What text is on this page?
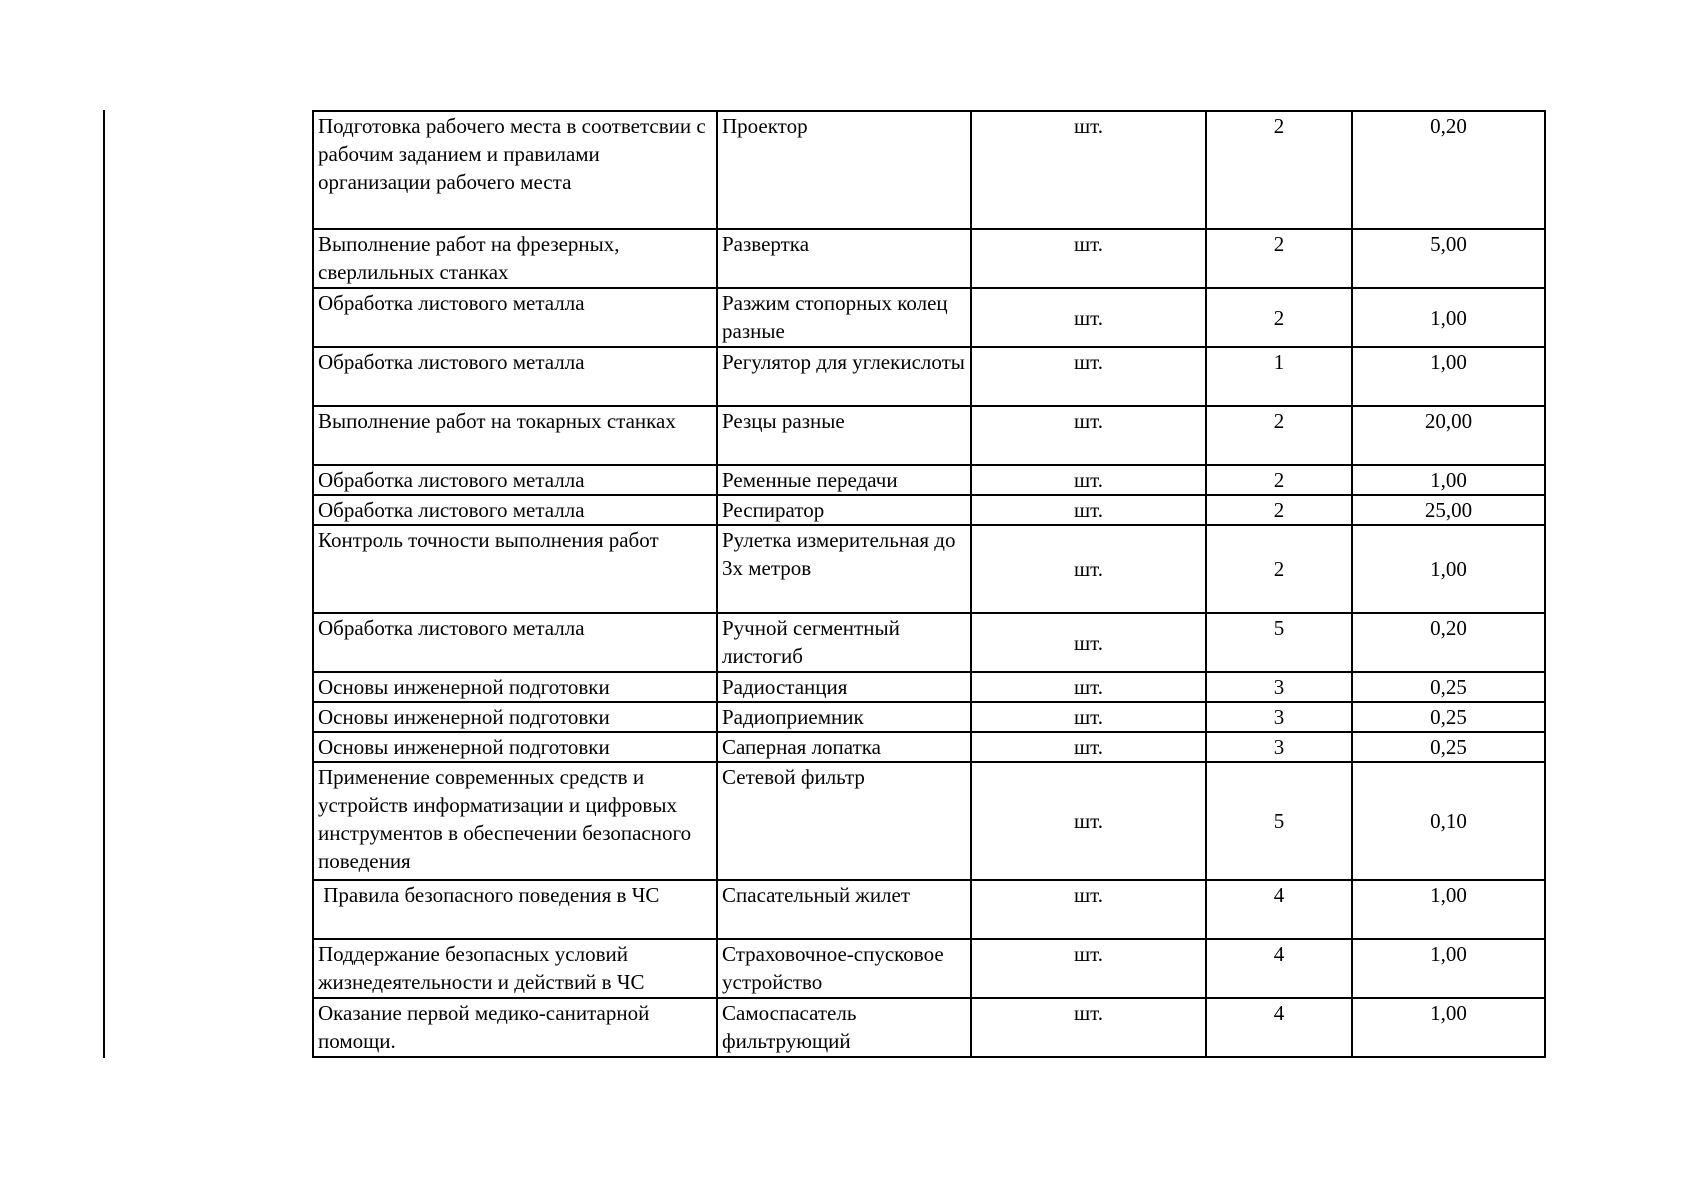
Подготовка рабочего места в соответсвии с рабочим заданием и правилами организации рабочего места	Проектор	шт.	2	0,20
Выполнение работ на фрезерных, сверлильных станках	Развертка	шт.	2	5,00
Обработка листового металла	Разжим стопорных колец разные	шт.	2	1,00
Обработка листового металла	Регулятор для углекислоты	шт.	1	1,00
Выполнение работ на токарных станках	Резцы разные	шт.	2	20,00
Обработка листового металла	Ременные передачи	шт.	2	1,00
Обработка листового металла	Респиратор	шт.	2	25,00
Контроль точности выполнения работ	Рулетка измерительная до 3х метров	шт.	2	1,00
Обработка листового металла	Ручной сегментный листогиб	шт.	5	0,20
Основы инженерной подготовки	Радиостанция	шт.	3	0,25
Основы инженерной подготовки	Радиоприемник	шт.	3	0,25
Основы инженерной подготовки	Саперная лопатка	шт.	3	0,25
Применение современных средств и устройств информатизации и цифровых инструментов в обеспечении безопасного поведения	Сетевой фильтр	шт.	5	0,10
Правила безопасного поведения в ЧС	Спасательный жилет	шт.	4	1,00
Поддержание безопасных условий жизнедеятельности и действий в ЧС	Страховочное-спусковое устройство	шт.	4	1,00
Оказание первой медико-санитарной помощи.	Самоспасатель фильтрующий	шт.	4	1,00
